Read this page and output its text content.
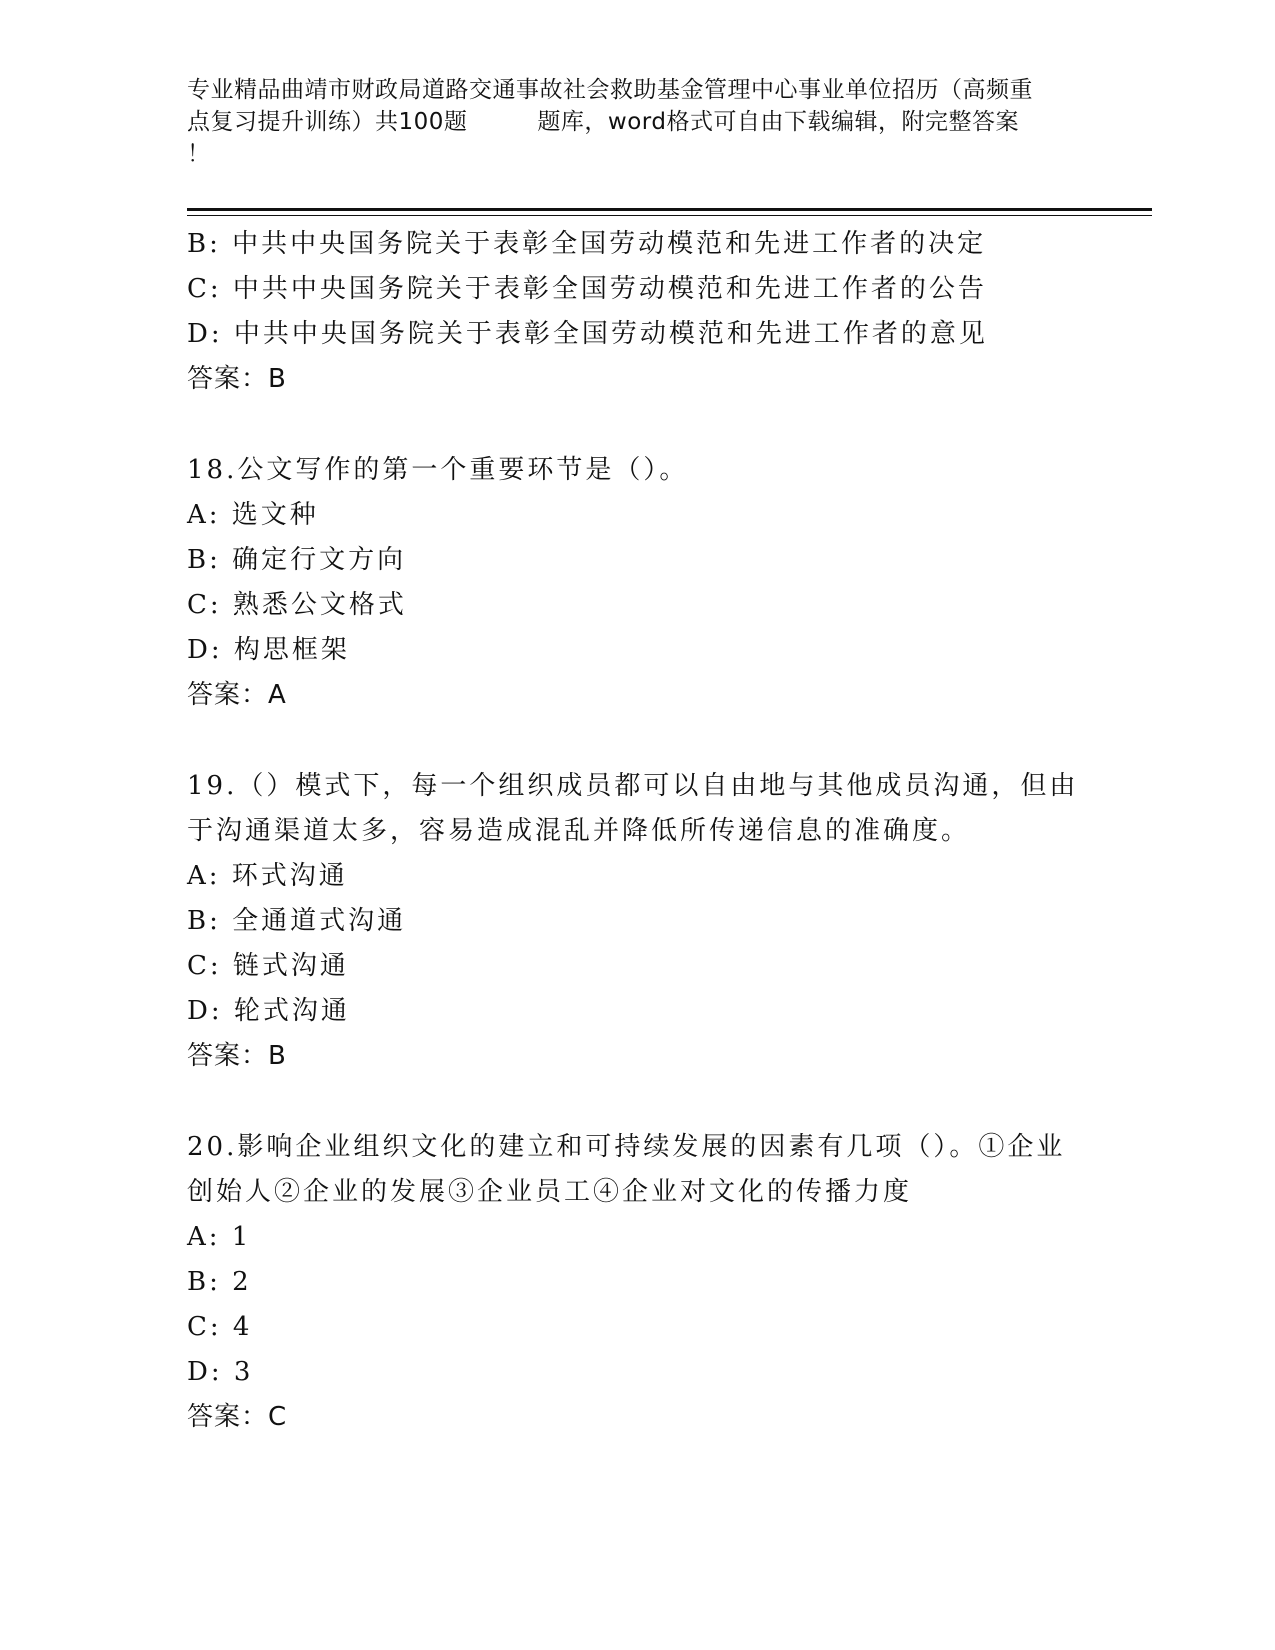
专业精品曲靖市财政局道路交通事故社会救助基金管理中心事业单位招历（高频重
点复习提升训练）共100题	题库，word格式可自由下载编辑，附完整答案
！
B: 中共中央国务院关于表彰全国劳动模范和先进工作者的决定
C: 中共中央国务院关于表彰全国劳动模范和先进工作者的公告
D: 中共中央国务院关于表彰全国劳动模范和先进工作者的意见
答案：B
18.公文写作的第一个重要环节是（）。
A: 选文种
B: 确定行文方向
C: 熟悉公文格式
D: 构思框架
答案：A
19.（）模式下，每一个组织成员都可以自由地与其他成员沟通，但由
于沟通渠道太多，容易造成混乱并降低所传递信息的准确度。
A: 环式沟通
B: 全通道式沟通
C: 链式沟通
D: 轮式沟通
答案：B
20.影响企业组织文化的建立和可持续发展的因素有几项（）。①企业
创始人②企业的发展③企业员工④企业对文化的传播力度
A: 1
B: 2
C: 4
D: 3
答案：C
